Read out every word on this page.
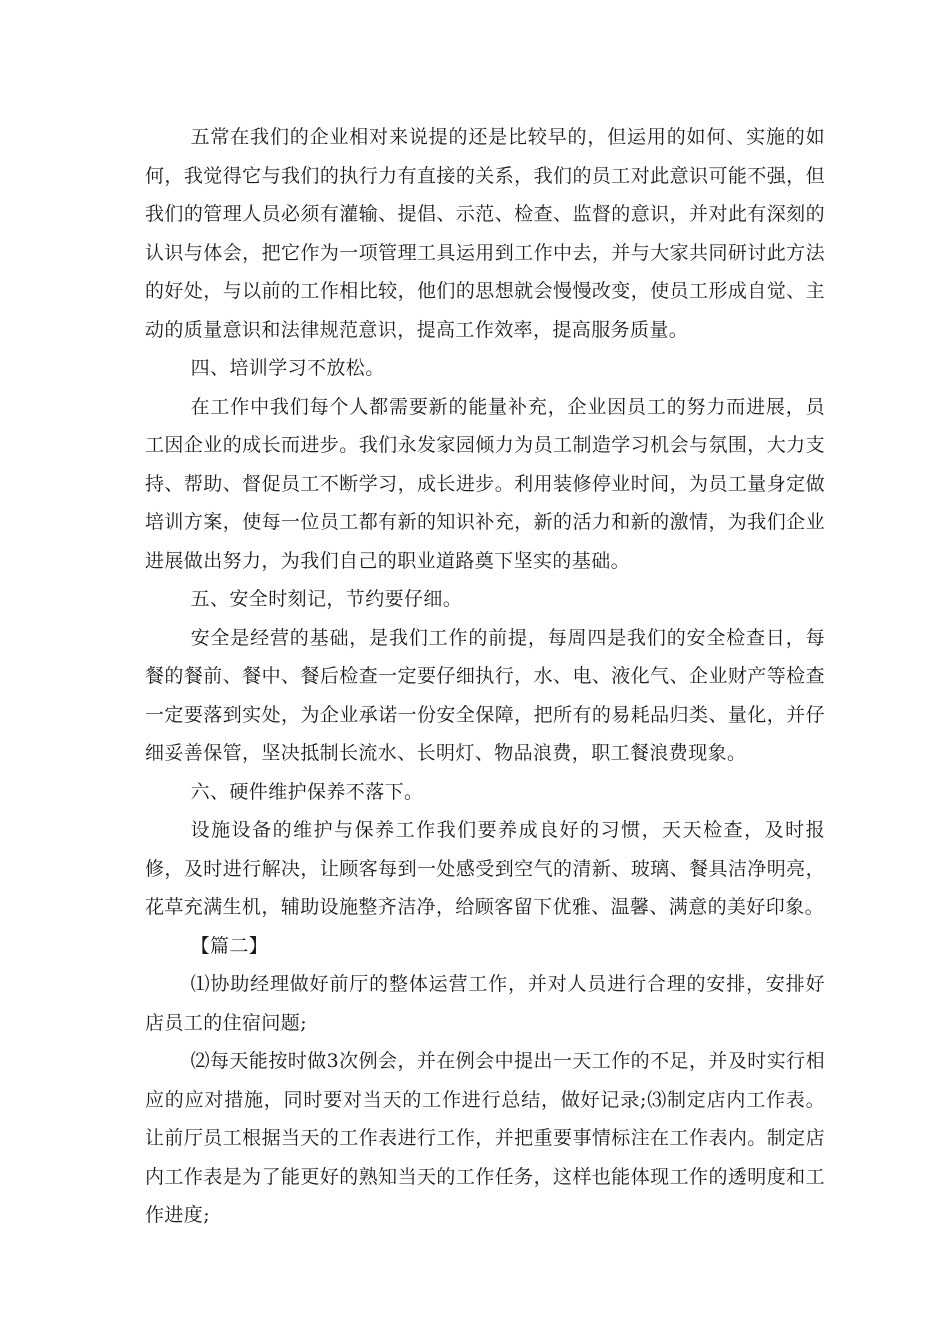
五常在我们的企业相对来说提的还是比较早的，但运用的如何、实施的如何，我觉得它与我们的执行力有直接的关系，我们的员工对此意识可能不强，但我们的管理人员必须有灌输、提倡、示范、检查、监督的意识，并对此有深刻的认识与体会，把它作为一项管理工具运用到工作中去，并与大家共同研讨此方法的好处，与以前的工作相比较，他们的思想就会慢慢改变，使员工形成自觉、主动的质量意识和法律规范意识，提高工作效率，提高服务质量。

四、培训学习不放松。

在工作中我们每个人都需要新的能量补充，企业因员工的努力而进展，员工因企业的成长而进步。我们永发家园倾力为员工制造学习机会与氛围，大力支持、帮助、督促员工不断学习，成长进步。利用装修停业时间，为员工量身定做培训方案，使每一位员工都有新的知识补充，新的活力和新的激情，为我们企业进展做出努力，为我们自己的职业道路奠下坚实的基础。

五、安全时刻记，节约要仔细。

安全是经营的基础，是我们工作的前提，每周四是我们的安全检查日，每餐的餐前、餐中、餐后检查一定要仔细执行，水、电、液化气、企业财产等检查一定要落到实处，为企业承诺一份安全保障，把所有的易耗品归类、量化，并仔细妥善保管，坚决抵制长流水、长明灯、物品浪费，职工餐浪费现象。

六、硬件维护保养不落下。

设施设备的维护与保养工作我们要养成良好的习惯，天天检查，及时报修，及时进行解决，让顾客每到一处感受到空气的清新、玻璃、餐具洁净明亮，花草充满生机，辅助设施整齐洁净，给顾客留下优雅、温馨、满意的美好印象。

【篇二】

⑴协助经理做好前厅的整体运营工作，并对人员进行合理的安排，安排好店员工的住宿问题;

⑵每天能按时做3次例会，并在例会中提出一天工作的不足，并及时实行相应的应对措施，同时要对当天的工作进行总结，做好记录;⑶制定店内工作表。让前厅员工根据当天的工作表进行工作，并把重要事情标注在工作表内。制定店内工作表是为了能更好的熟知当天的工作任务，这样也能体现工作的透明度和工作进度;
